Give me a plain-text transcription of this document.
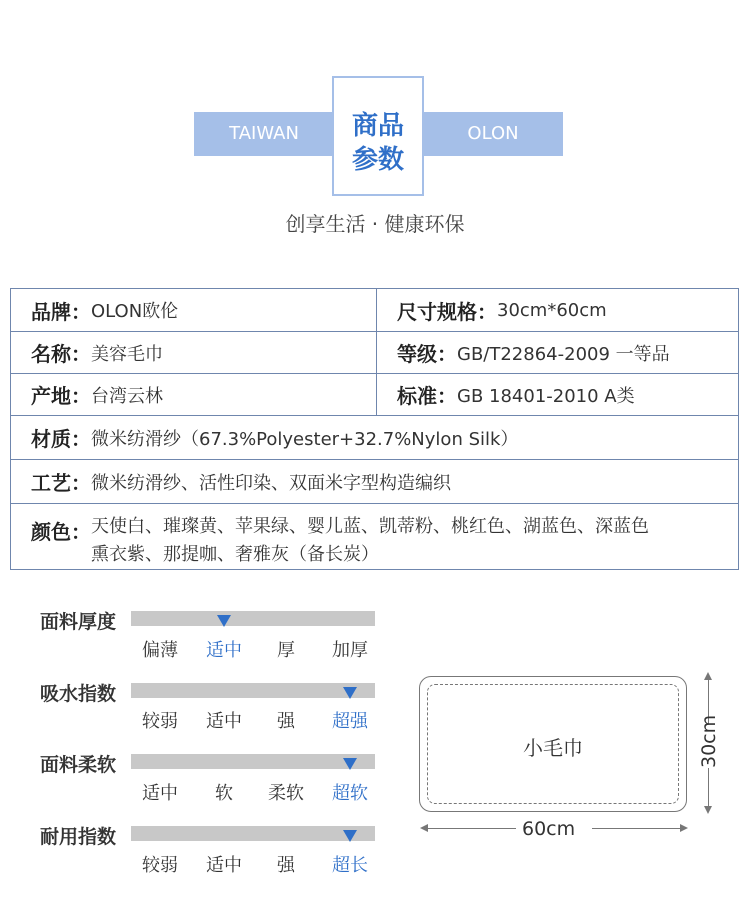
TAIWAN	OLON
商品
参数
创享生活 · 健康环保
品牌： OLON欧伦	尺寸规格： 30cm*60cm
名称： 美容毛巾	等级： GB/T22864-2009 一等品
产地： 台湾云林	标准： GB 18401-2010 A类
材质： 微米纺滑纱（67.3%Polyester+32.7%Nylon Silk）
工艺： 微米纺滑纱、活性印染、双面米字型构造编织
颜色： 天使白、璀璨黄、苹果绿、婴儿蓝、凯蒂粉、桃红色、湖蓝色、深蓝色
熏衣紫、那提咖、奢雅灰（备长炭）
面料厚度
偏薄 适中 厚 加厚
吸水指数
较弱 适中 强 超强
面料柔软
适中 软 柔软 超软
耐用指数
较弱 适中 强 超长
小毛巾
60cm
30cm
